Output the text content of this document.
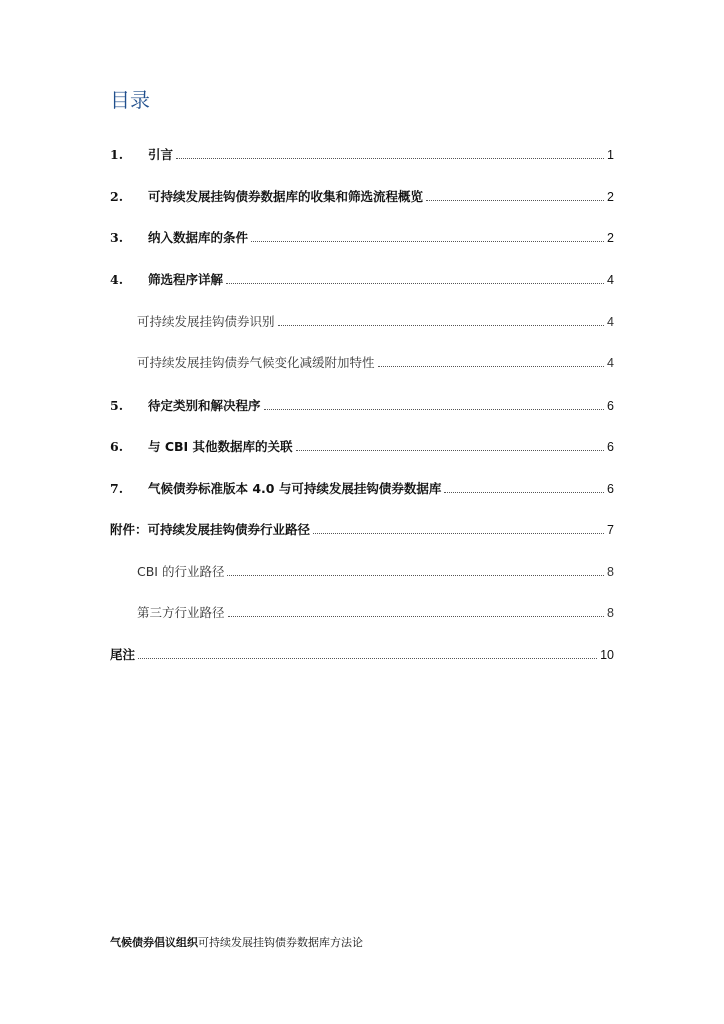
目录
1.	引言	1
2.	可持续发展挂钩债券数据库的收集和筛选流程概览	2
3.	纳入数据库的条件	2
4.	筛选程序详解	4
可持续发展挂钩债券识别	4
可持续发展挂钩债券气候变化减缓附加特性	4
5.	待定类别和解决程序	6
6.	与 CBI 其他数据库的关联	6
7.	气候债券标准版本 4.0 与可持续发展挂钩债券数据库	6
附件：可持续发展挂钩债券行业路径	7
CBI 的行业路径	8
第三方行业路径	8
尾注	10
气候债券倡议组织可持续发展挂钩债券数据库方法论
